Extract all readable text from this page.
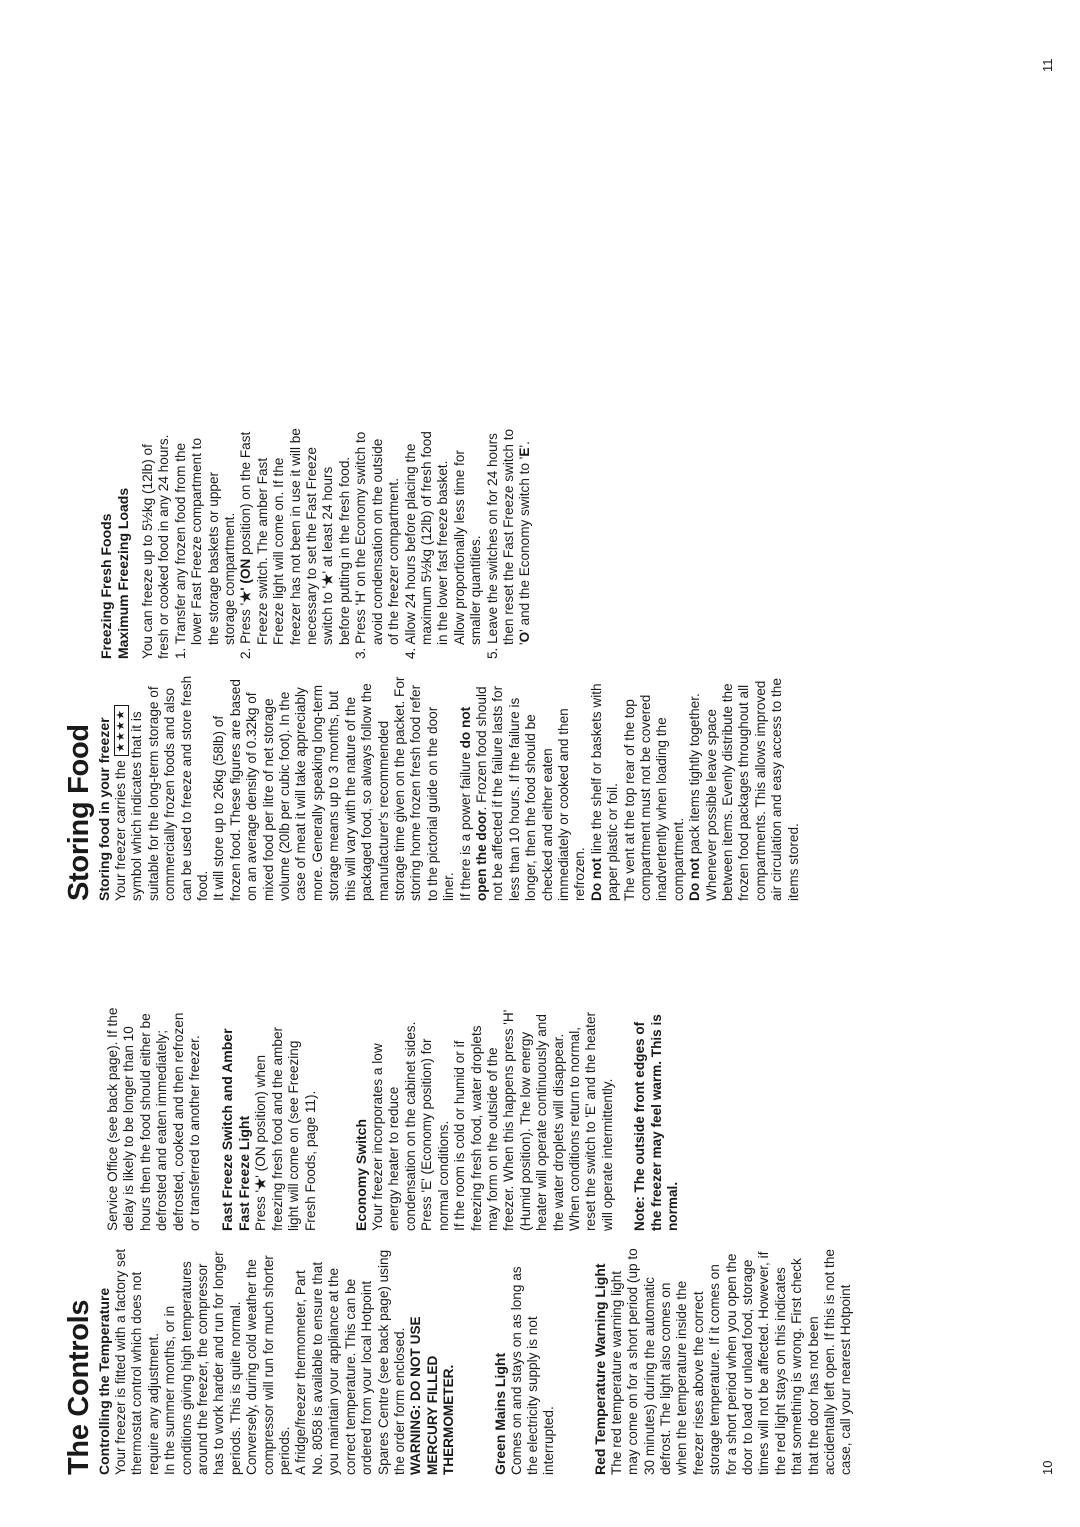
The Controls Controlling the Temperature Your freezer is fitted with a factory set thermostat control which does not require any adjustment. In the summer months, or in conditions giving high temperatures around the freezer, the compressor has to work harder and run for longer periods. This is quite normal. Conversely, during cold weather the compressor will run for much shorter periods. A fridge/freezer thermometer, Part No. 8058 is available to ensure that you maintain your appliance at the correct temperature. This can be ordered from your local Hotpoint Spares Centre (see back page) using the order form enclosed. WARNING: DO NOT USE MERCURY FILLED THERMOMETER.	Green Mains Light Comes on and stays on as long as the electricity supply is not interrupted.	Red Temperature Warning Light The red temperature warning light may come on for a short period (up to 30 minutes) during the automatic defrost. The light also comes on when the temperature inside the freezer rises above the correct storage temperature. If it comes on for a short period when you open the door to load or unload food, storage times will not be affected. However, if the red light stays on this indicates that something is wrong. First check that the door has not been accidentally left open. If this is not the case, call your nearest Hotpoint

Service Office (see back page). If the delay is likely to be longer than 10 hours then the food should either be defrosted and eaten immediately; defrosted, cooked and then refrozen or transferred to another freezer. Fast Freeze Switch and Amber Fast Freeze Light Press '★' (ON position) when freezing fresh food and the amber light will come on (see Freezing Fresh Foods, page 11).	Economy Switch Your freezer incorporates a low energy heater to reduce condensation on the cabinet sides. Press 'E' (Economy position) for normal conditions. If the room is cold or humid or if freezing fresh food, water droplets may form on the outside of the freezer. When this happens press 'H' (Humid position). The low energy heater will operate continuously and the water droplets will disappear. When conditions return to normal, reset the switch to 'E' and the heater will operate intermittently. Note: The outside front edges of the freezer may feel warm. This is normal.

10

Storing Food Storing food in your freezer Your freezer carries the ★★★★ symbol which indicates that it is suitable for the long-term storage of commercially frozen foods and also can be used to freeze and store fresh food. It will store up to 26kg (58lb) of frozen food. These figures are based on an average density of 0.32kg of mixed food per litre of net storage volume (20lb per cubic foot). In the case of meat it will take appreciably more. Generally speaking long-term storage means up to 3 months, but this will vary with the nature of the packaged food, so always follow the manufacturer's recommended storage time given on the packet. For storing home frozen fresh food refer to the pictorial guide on the door liner. If there is a power failure do not open the door. Frozen food should not be affected if the failure lasts for less than 10 hours. If the failure is longer, then the food should be checked and either eaten immediately or cooked and then refrozen. Do not line the shelf or baskets with paper plastic or foil. The vent at the top rear of the top compartment must not be covered inadvertently when loading the compartment. Do not pack items tightly together. Whenever possible leave space between items. Evenly distribute the frozen food packages throughout all compartments. This allows improved air circulation and easy access to the items stored.

Freezing Fresh Foods Maximum Freezing Loads You can freeze up to 5½kg (12lb) of fresh or cooked food in any 24 hours. 1. Transfer any frozen food from the lower Fast Freeze compartment to the storage baskets or upper storage compartment. 2. Press '★' (ON position) on the Fast Freeze switch. The amber Fast Freeze light will come on. If the freezer has not been in use it will be necessary to set the Fast Freeze switch to '★' at least 24 hours before putting in the fresh food. 3. Press 'H' on the Economy switch to avoid condensation on the outside of the freezer compartment. 4. Allow 24 hours before placing the maximum 5½kg (12lb) of fresh food in the lower fast freeze basket. Allow proportionally less time for smaller quantities. 5. Leave the switches on for 24 hours then reset the Fast Freeze switch to 'O' and the Economy switch to 'E'.

11
